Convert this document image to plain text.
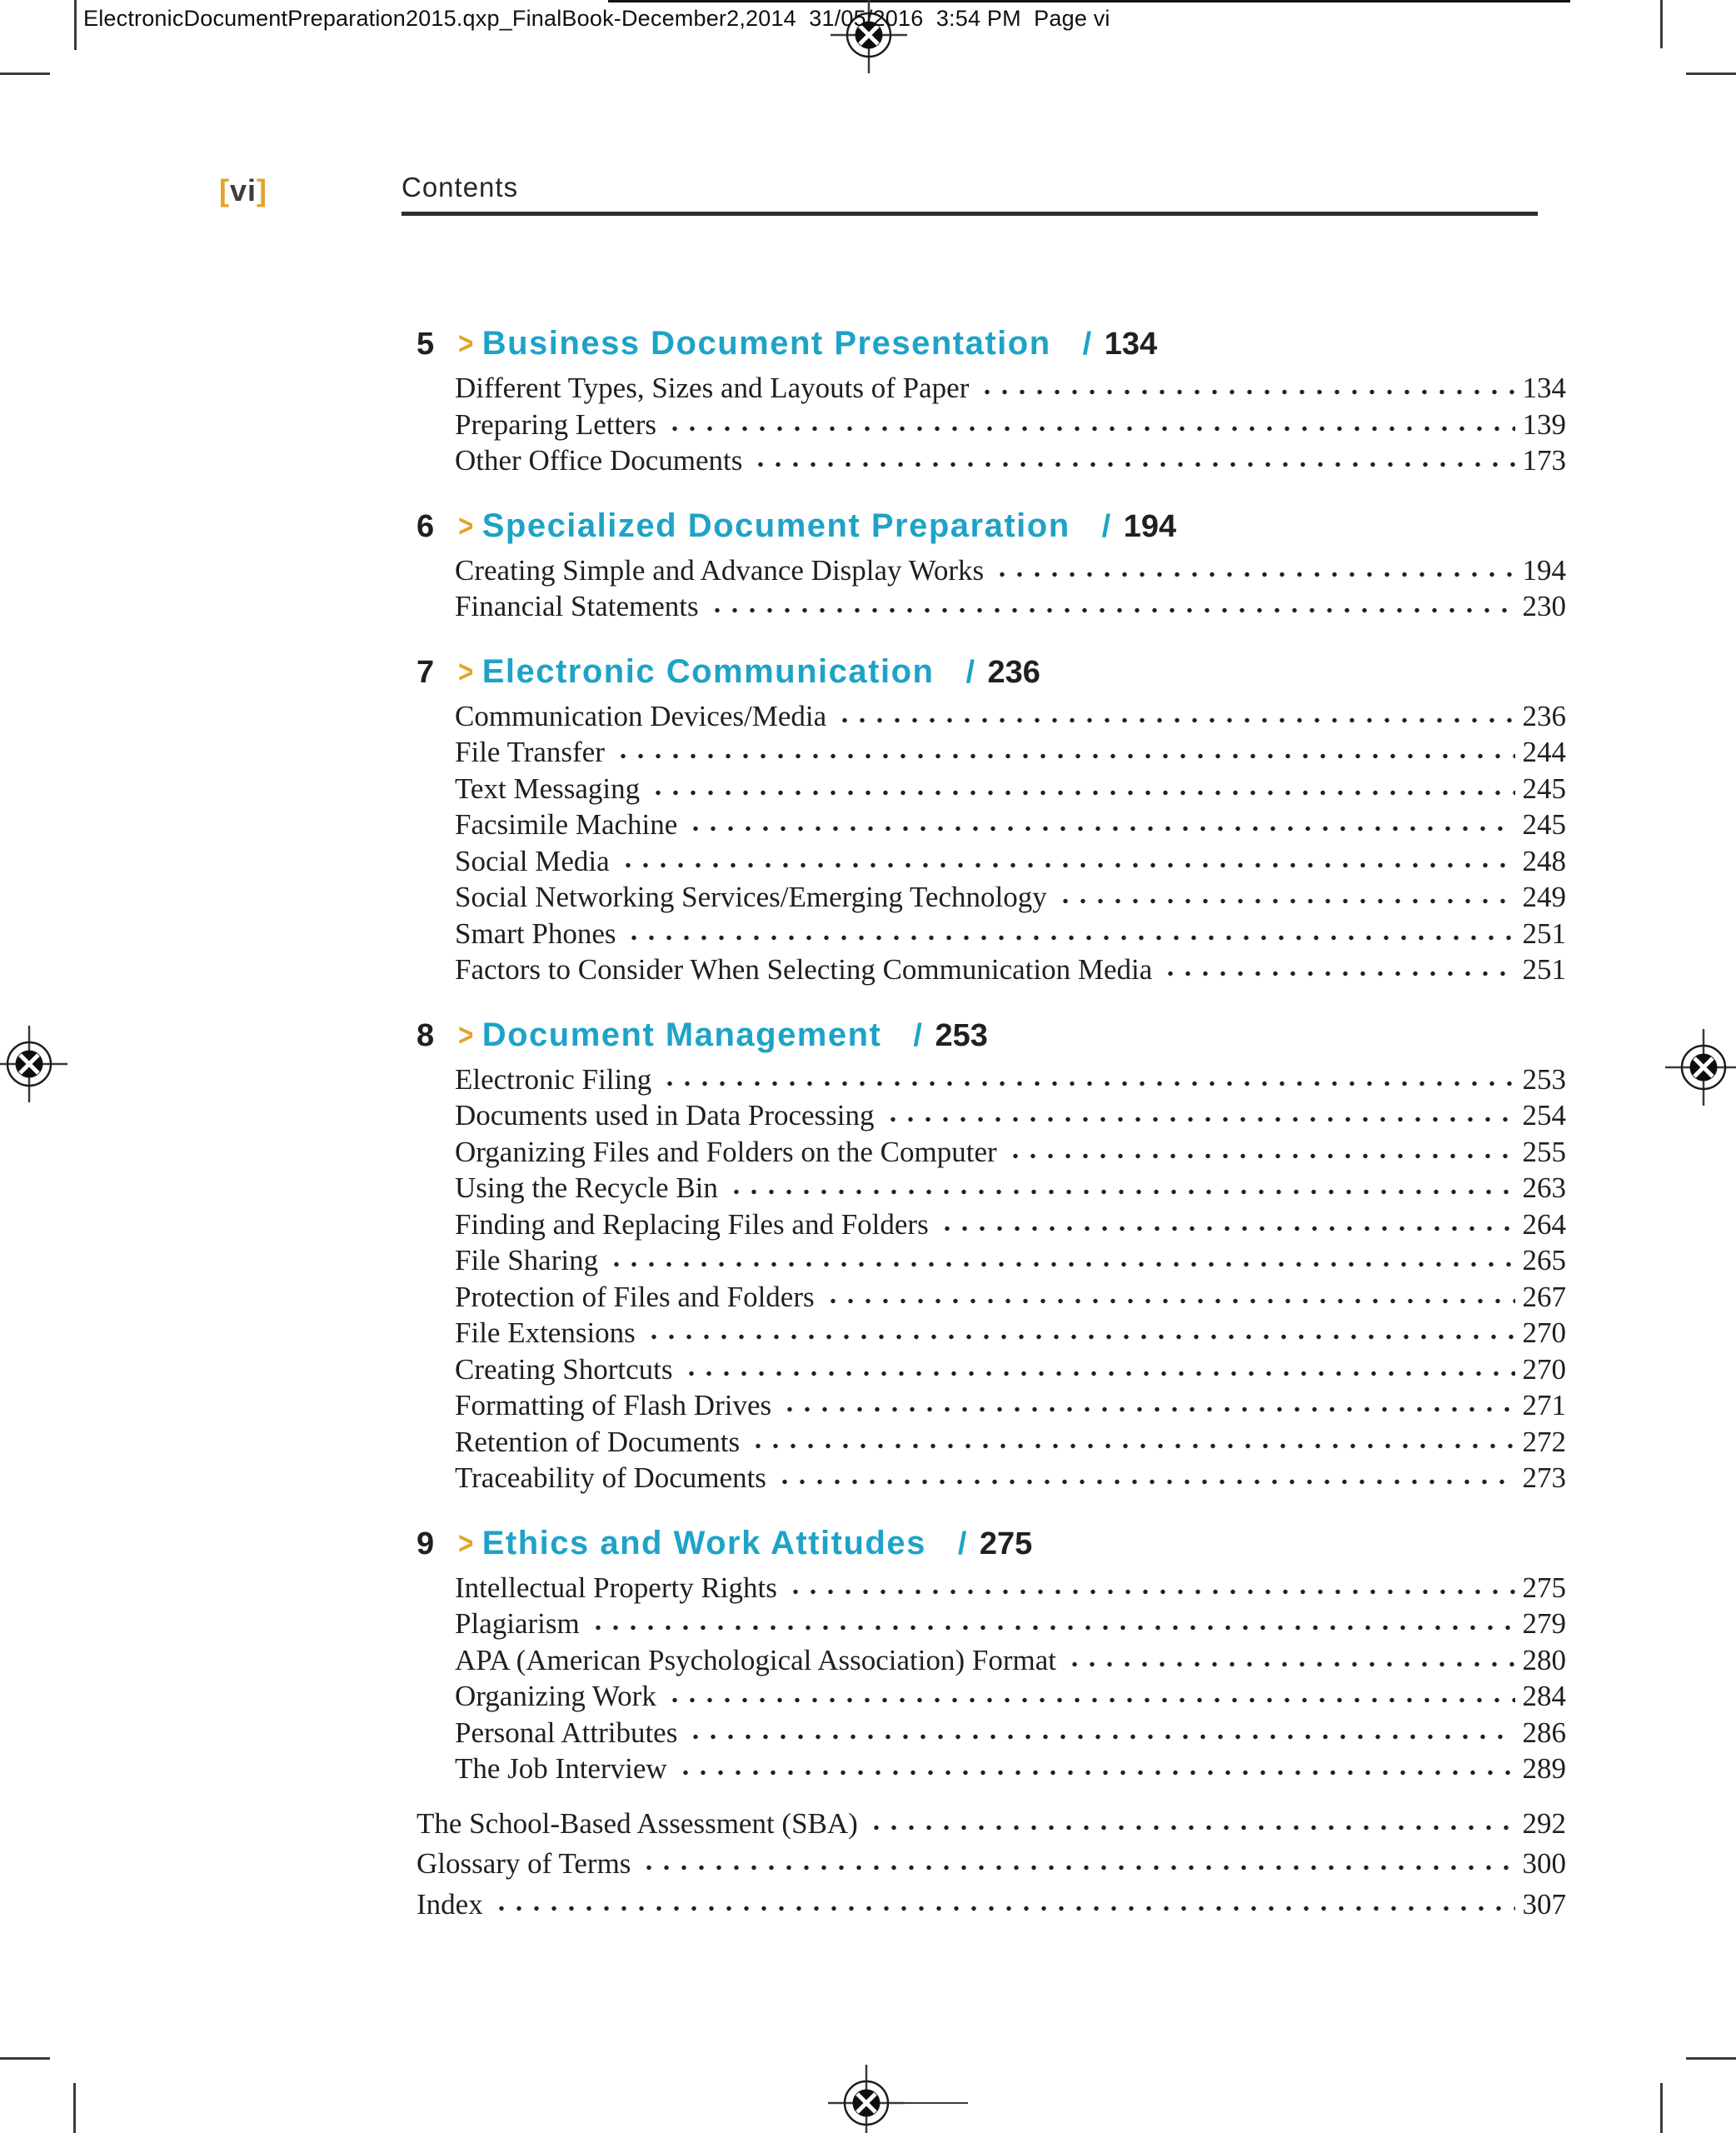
ElectronicDocumentPreparation2015.qxp_FinalBook-December2,2014  31/05/2016  3:54 PM  Page vi
[vi]	Contents
5 > Business Document Presentation / 134
Different Types, Sizes and Layouts of Paper	134
Preparing Letters	139
Other Office Documents	173
6 > Specialized Document Preparation / 194
Creating Simple and Advance Display Works	194
Financial Statements	230
7 > Electronic Communication / 236
Communication Devices/Media	236
File Transfer	244
Text Messaging	245
Facsimile Machine	245
Social Media	248
Social Networking Services/Emerging Technology	249
Smart Phones	251
Factors to Consider When Selecting Communication Media	251
8 > Document Management / 253
Electronic Filing	253
Documents used in Data Processing	254
Organizing Files and Folders on the Computer	255
Using the Recycle Bin	263
Finding and Replacing Files and Folders	264
File Sharing	265
Protection of Files and Folders	267
File Extensions	270
Creating Shortcuts	270
Formatting of Flash Drives	271
Retention of Documents	272
Traceability of Documents	273
9 > Ethics and Work Attitudes / 275
Intellectual Property Rights	275
Plagiarism	279
APA (American Psychological Association) Format	280
Organizing Work	284
Personal Attributes	286
The Job Interview	289
The School-Based Assessment (SBA)	292
Glossary of Terms	300
Index	307
